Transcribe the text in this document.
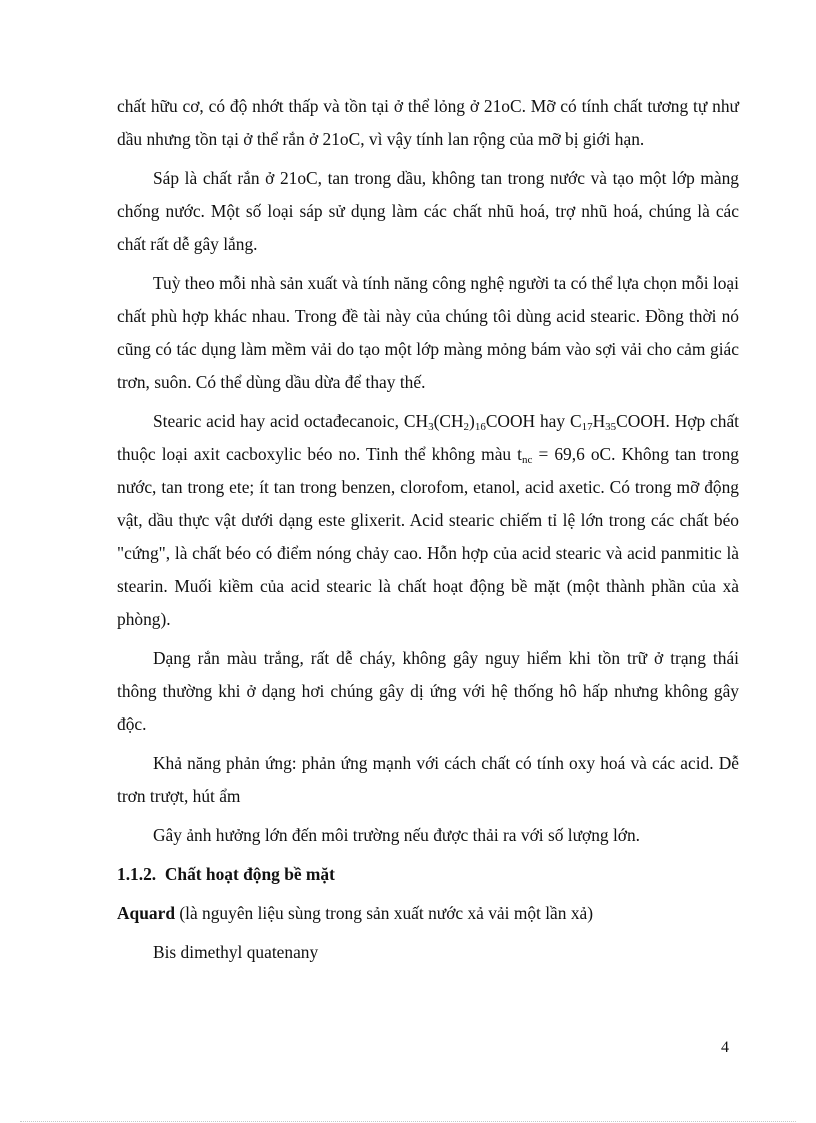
chất hữu cơ, có độ nhớt thấp và tồn tại ở thể lỏng ở 21oC. Mỡ có tính chất tương tự như dầu nhưng tồn tại ở thể rắn ở 21oC, vì vậy tính lan rộng của mỡ bị giới hạn.

Sáp là chất rắn ở 21oC, tan trong dầu, không tan trong nước và tạo một lớp màng chống nước. Một số loại sáp sử dụng làm các chất nhũ hoá, trợ nhũ hoá, chúng là các chất rất dễ gây lắng.

Tuỳ theo mỗi nhà sản xuất và tính năng công nghệ người ta có thể lựa chọn mỗi loại chất phù hợp khác nhau. Trong đề tài này của chúng tôi dùng acid stearic. Đồng thời nó cũng có tác dụng làm mềm vải do tạo một lớp màng mỏng bám vào sợi vải cho cảm giác trơn, suôn. Có thể dùng dầu dừa để thay thế.

Stearic acid hay acid octađecanoic, $CH_3(CH_2)_{16}COOH$ hay $C_{17}H_{35}COOH$. Hợp chất thuộc loại axit cacboxylic béo no. Tinh thể không màu $t_{nc} = 69,6$ oC. Không tan trong nước, tan trong ete; ít tan trong benzen, clorofom, etanol, acid axetic. Có trong mỡ động vật, dầu thực vật dưới dạng este glixerit. Acid stearic chiếm tỉ lệ lớn trong các chất béo "cứng", là chất béo có điểm nóng chảy cao. Hỗn hợp của acid stearic và acid panmitic là stearin. Muối kiềm của acid stearic là chất hoạt động bề mặt (một thành phần của xà phòng).

Dạng rắn màu trắng, rất dễ cháy, không gây nguy hiểm khi tồn trữ ở trạng thái thông thường khi ở dạng hơi chúng gây dị ứng với hệ thống hô hấp nhưng không gây độc.

Khả năng phản ứng: phản ứng mạnh với cách chất có tính oxy hoá và các acid. Dễ trơn trượt, hút ẩm

Gây ảnh hưởng lớn đến môi trường nếu được thải ra với số lượng lớn.

1.1.2. Chất hoạt động bề mặt

Aquard (là nguyên liệu sùng trong sản xuất nước xả vải một lần xả)

Bis dimethyl quatenany

4
